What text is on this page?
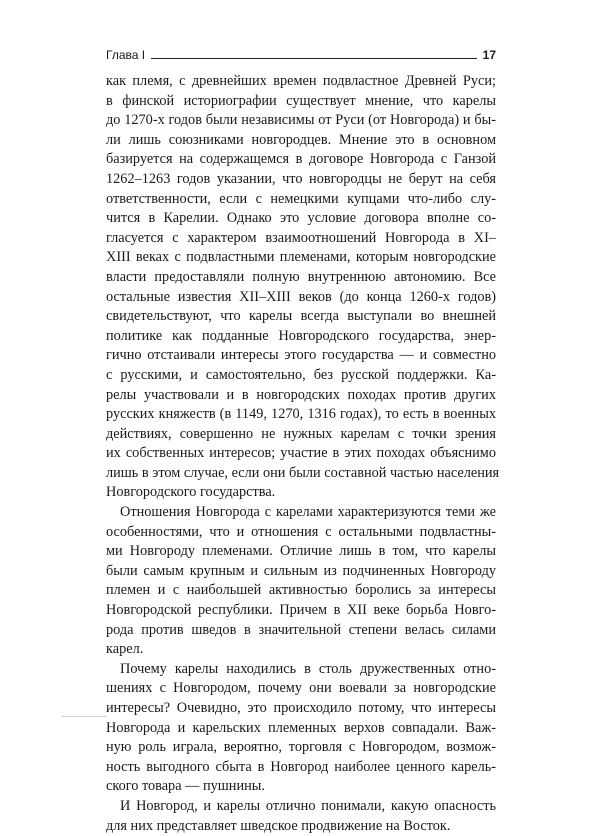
Глава I	17
как племя, с древнейших времен подвластное Древней Руси;
в финской историографии существует мнение, что карелы
до 1270-х годов были независимы от Руси (от Новгорода) и бы-
ли лишь союзниками новгородцев. Мнение это в основном
базируется на содержащемся в договоре Новгорода с Ганзой
1262–1263 годов указании, что новгородцы не берут на себя
ответственности, если с немецкими купцами что-либо слу-
чится в Карелии. Однако это условие договора вполне со-
гласуется с характером взаимоотношений Новгорода в XI–
XIII веках с подвластными племенами, которым новгородские
власти предоставляли полную внутреннюю автономию. Все
остальные известия XII–XIII веков (до конца 1260-х годов)
свидетельствуют, что карелы всегда выступали во внешней
политике как подданные Новгородского государства, энер-
гично отстаивали интересы этого государства — и совместно
с русскими, и самостоятельно, без русской поддержки. Ка-
релы участвовали и в новгородских походах против других
русских княжеств (в 1149, 1270, 1316 годах), то есть в военных
действиях, совершенно не нужных карелам с точки зрения
их собственных интересов; участие в этих походах объяснимо
лишь в этом случае, если они были составной частью населения
Новгородского государства.
Отношения Новгорода с карелами характеризуются теми же
особенностями, что и отношения с остальными подвластны-
ми Новгороду племенами. Отличие лишь в том, что карелы
были самым крупным и сильным из подчиненных Новгороду
племен и с наибольшей активностью боролись за интересы
Новгородской республики. Причем в XII веке борьба Новго-
рода против шведов в значительной степени велась силами
карел.
Почему карелы находились в столь дружественных отно-
шениях с Новгородом, почему они воевали за новгородские
интересы? Очевидно, это происходило потому, что интересы
Новгорода и карельских племенных верхов совпадали. Важ-
ную роль играла, вероятно, торговля с Новгородом, возмож-
ность выгодного сбыта в Новгород наиболее ценного карель-
ского товара — пушнины.
И Новгород, и карелы отлично понимали, какую опасность
для них представляет шведское продвижение на Восток.
